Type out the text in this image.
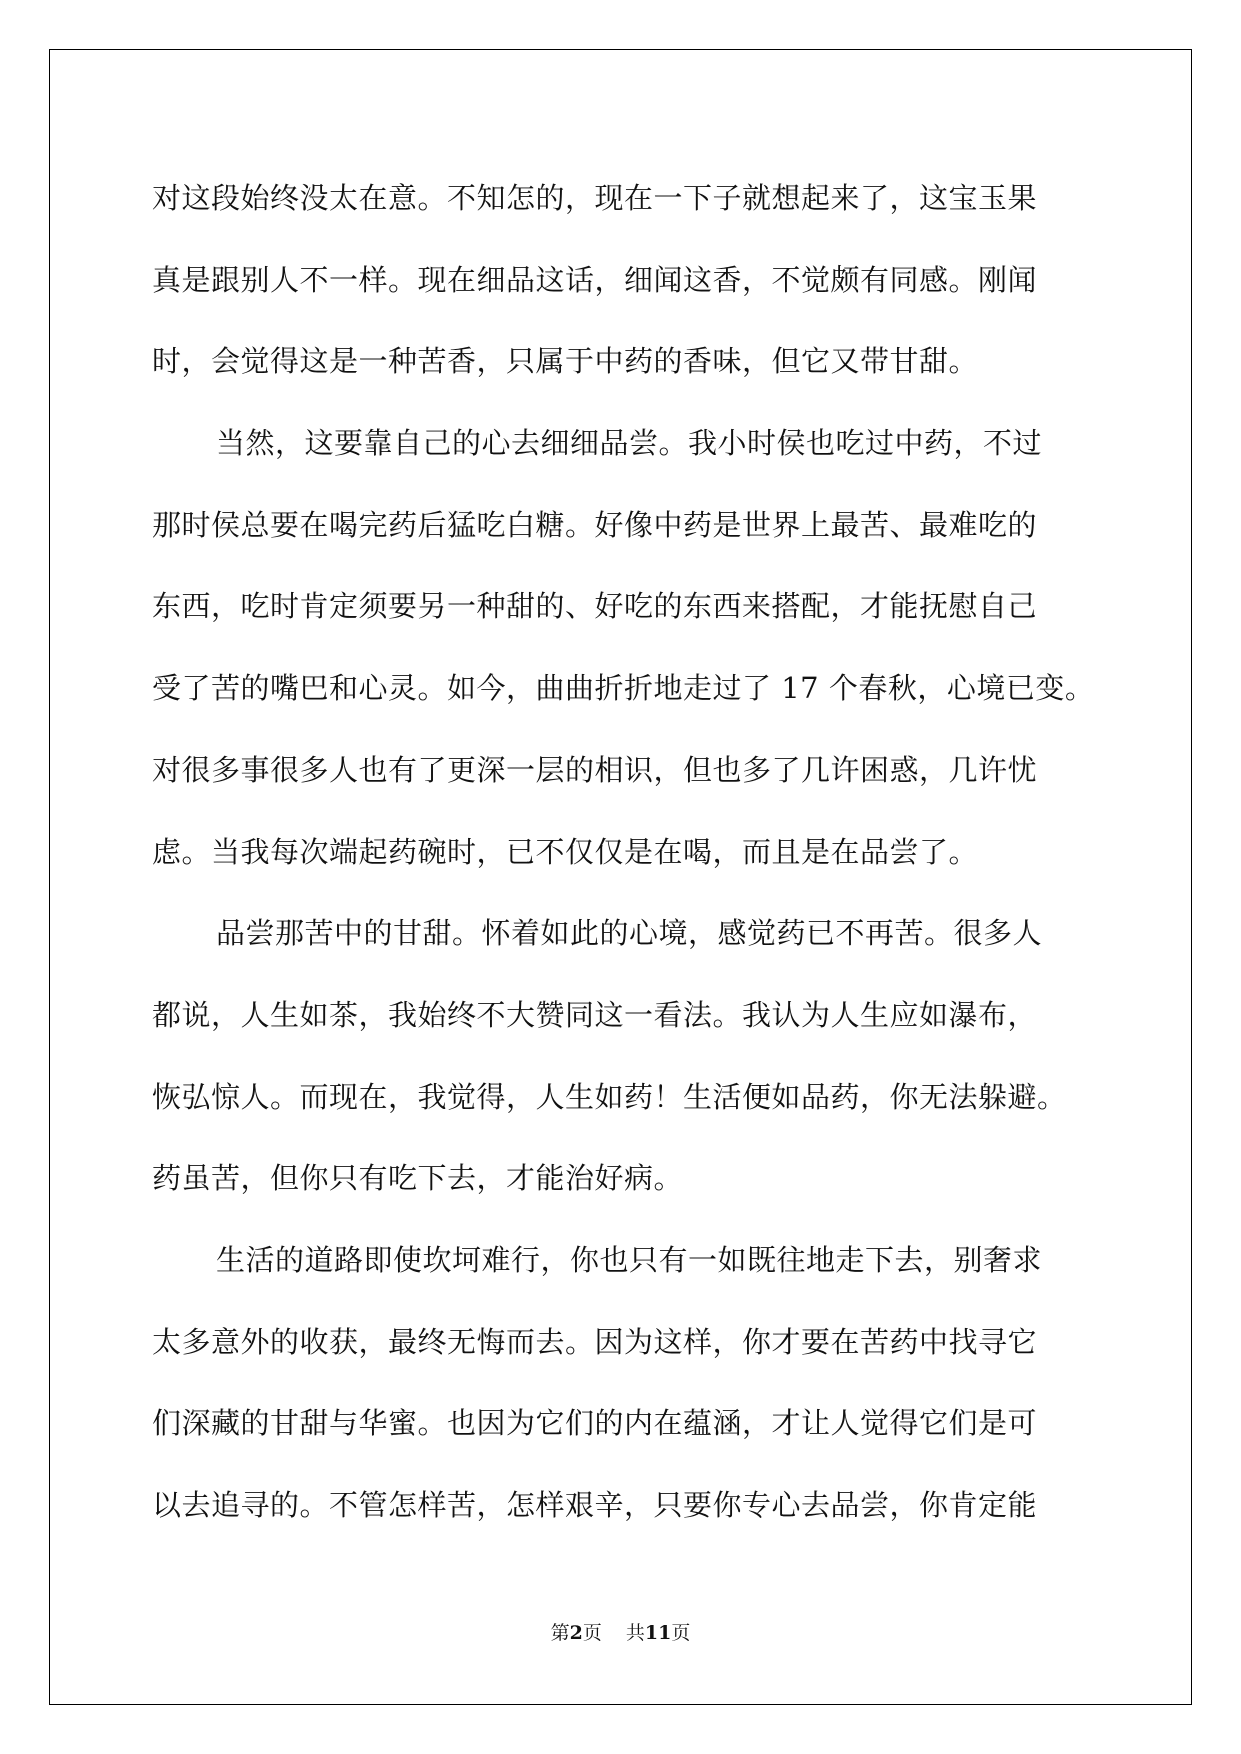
对这段始终没太在意。不知怎的，现在一下子就想起来了，这宝玉果
真是跟别人不一样。现在细品这话，细闻这香，不觉颇有同感。刚闻
时，会觉得这是一种苦香，只属于中药的香味，但它又带甘甜。
当然，这要靠自己的心去细细品尝。我小时侯也吃过中药，不过
那时侯总要在喝完药后猛吃白糖。好像中药是世界上最苦、最难吃的
东西，吃时肯定须要另一种甜的、好吃的东西来搭配，才能抚慰自己
受了苦的嘴巴和心灵。如今，曲曲折折地走过了 17 个春秋，心境已变。
对很多事很多人也有了更深一层的相识，但也多了几许困惑，几许忧
虑。当我每次端起药碗时，已不仅仅是在喝，而且是在品尝了。
品尝那苦中的甘甜。怀着如此的心境，感觉药已不再苦。很多人
都说，人生如茶，我始终不大赞同这一看法。我认为人生应如瀑布，
恢弘惊人。而现在，我觉得，人生如药！生活便如品药，你无法躲避。
药虽苦，但你只有吃下去，才能治好病。
生活的道路即使坎坷难行，你也只有一如既往地走下去，别奢求
太多意外的收获，最终无悔而去。因为这样，你才要在苦药中找寻它
们深藏的甘甜与华蜜。也因为它们的内在蕴涵，才让人觉得它们是可
以去追寻的。不管怎样苦，怎样艰辛，只要你专心去品尝，你肯定能
第2页 共11页
